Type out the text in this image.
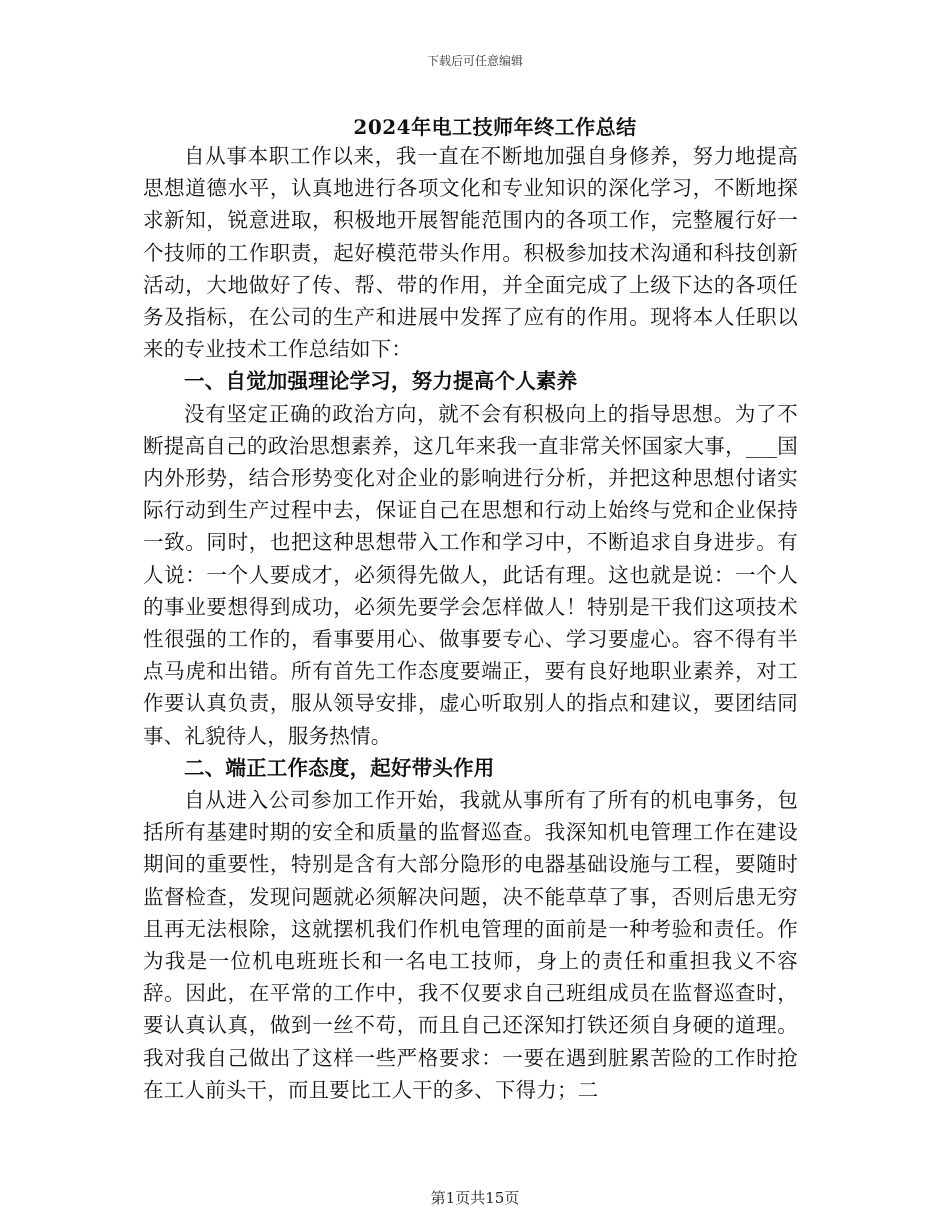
下载后可任意编辑
2024年电工技师年终工作总结

自从事本职工作以来，我一直在不断地加强自身修养，努力地提高思想道德水平，认真地进行各项文化和专业知识的深化学习，不断地探求新知，锐意进取，积极地开展智能范围内的各项工作，完整履行好一个技师的工作职责，起好模范带头作用。积极参加技术沟通和科技创新活动，大地做好了传、帮、带的作用，并全面完成了上级下达的各项任务及指标，在公司的生产和进展中发挥了应有的作用。现将本人任职以来的专业技术工作总结如下：

一、自觉加强理论学习，努力提高个人素养

没有坚定正确的政治方向，就不会有积极向上的指导思想。为了不断提高自己的政治思想素养，这几年来我一直非常关怀国家大事，___国内外形势，结合形势变化对企业的影响进行分析，并把这种思想付诸实际行动到生产过程中去，保证自己在思想和行动上始终与党和企业保持一致。同时，也把这种思想带入工作和学习中，不断追求自身进步。有人说：一个人要成才，必须得先做人，此话有理。这也就是说：一个人的事业要想得到成功，必须先要学会怎样做人！特别是干我们这项技术性很强的工作的，看事要用心、做事要专心、学习要虚心。容不得有半点马虎和出错。所有首先工作态度要端正，要有良好地职业素养，对工作要认真负责，服从领导安排，虚心听取别人的指点和建议，要团结同事、礼貌待人，服务热情。

二、端正工作态度，起好带头作用

自从进入公司参加工作开始，我就从事所有了所有的机电事务，包括所有基建时期的安全和质量的监督巡查。我深知机电管理工作在建设期间的重要性，特别是含有大部分隐形的电器基础设施与工程，要随时监督检查，发现问题就必须解决问题，决不能草草了事，否则后患无穷且再无法根除，这就摆机我们作机电管理的面前是一种考验和责任。作为我是一位机电班班长和一名电工技师，身上的责任和重担我义不容辞。因此，在平常的工作中，我不仅要求自己班组成员在监督巡查时，要认真认真，做到一丝不苟，而且自己还深知打铁还须自身硬的道理。我对我自己做出了这样一些严格要求：一要在遇到脏累苦险的工作时抢在工人前头干，而且要比工人干的多、下得力；二

第1页共15页
